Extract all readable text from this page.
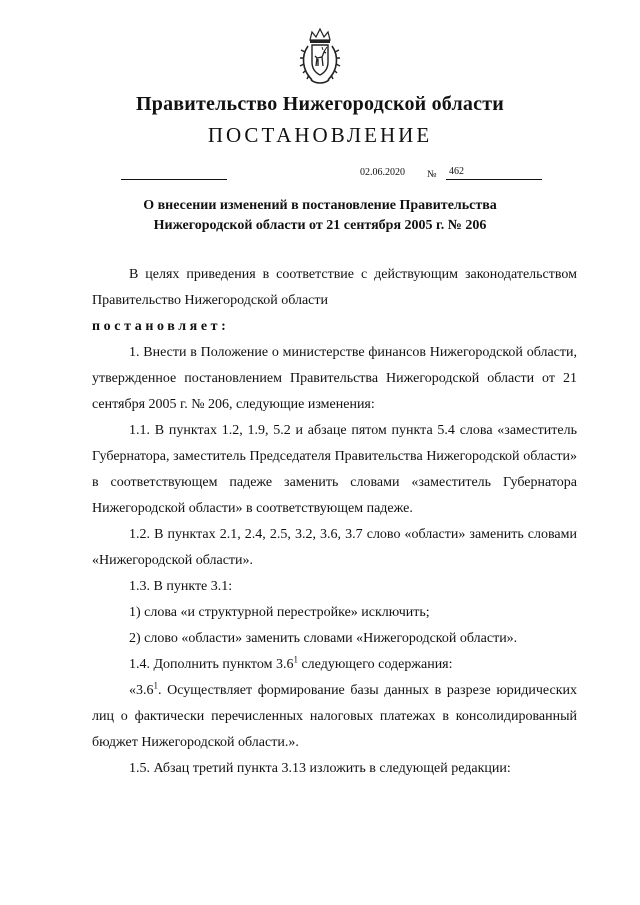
Правительство Нижегородской области
ПОСТАНОВЛЕНИЕ
02.06.2020 № 462
О внесении изменений в постановление Правительства
Нижегородской области от 21 сентября 2005 г. № 206

В целях приведения в соответствие с действующим законодательством Правительство Нижегородской области

постановляет:

1. Внести в Положение о министерстве финансов Нижегородской области, утвержденное постановлением Правительства Нижегородской области от 21 сентября 2005 г. № 206, следующие изменения:

1.1. В пунктах 1.2, 1.9, 5.2 и абзаце пятом пункта 5.4 слова «заместитель Губернатора, заместитель Председателя Правительства Нижегородской области» в соответствующем падеже заменить словами «заместитель Губернатора Нижегородской области» в соответствующем падеже.

1.2. В пунктах 2.1, 2.4, 2.5, 3.2, 3.6, 3.7 слово «области» заменить словами «Нижегородской области».

1.3. В пункте 3.1:

1) слова «и структурной перестройке» исключить;

2) слово «области» заменить словами «Нижегородской области».

1.4. Дополнить пунктом $3.6^1$ следующего содержания:

«$3.6^1$. Осуществляет формирование базы данных в разрезе юридических лиц о фактически перечисленных налоговых платежах в консолидированный бюджет Нижегородской области.».

1.5. Абзац третий пункта 3.13 изложить в следующей редакции:
